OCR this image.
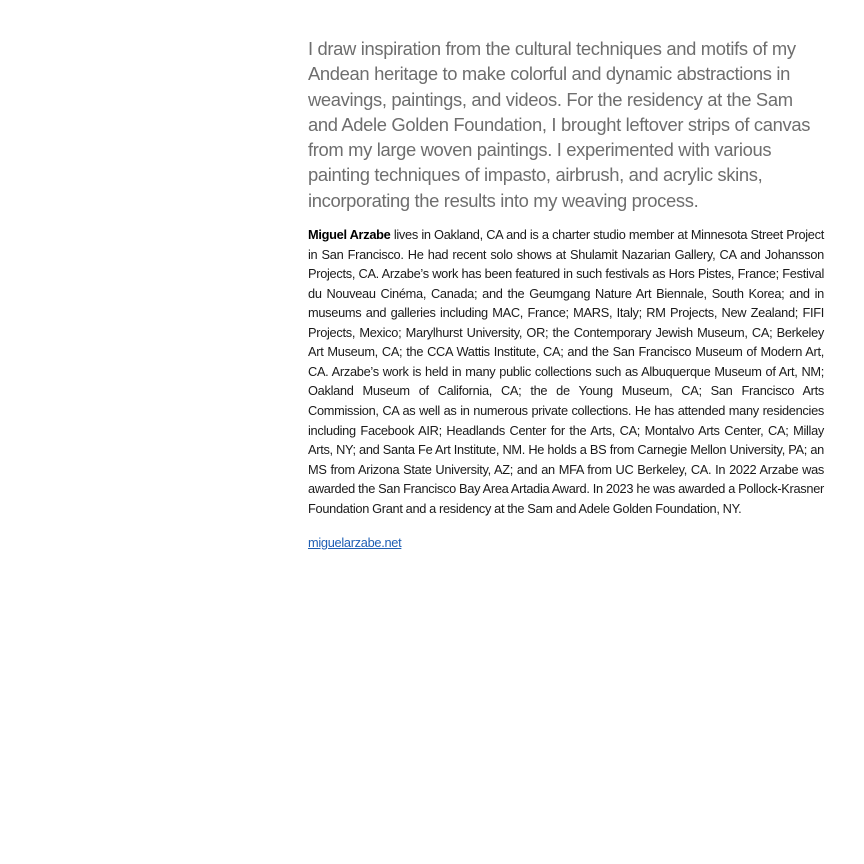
I draw inspiration from the cultural techniques and motifs of my Andean heritage to make colorful and dynamic abstractions in weavings, paintings, and videos. For the residency at the Sam and Adele Golden Foundation, I brought leftover strips of canvas from my large woven paintings. I experimented with various painting techniques of impasto, airbrush, and acrylic skins, incorporating the results into my weaving process.

Miguel Arzabe lives in Oakland, CA and is a charter studio member at Minnesota Street Project in San Francisco. He had recent solo shows at Shulamit Nazarian Gallery, CA and Johansson Projects, CA. Arzabe’s work has been featured in such festivals as Hors Pistes, France; Festival du Nouveau Cinéma, Canada; and the Geumgang Nature Art Biennale, South Korea; and in museums and galleries including MAC, France; MARS, Italy; RM Projects, New Zealand; FIFI Projects, Mexico; Marylhurst University, OR; the Contemporary Jewish Museum, CA; Berkeley Art Museum, CA; the CCA Wattis Institute, CA; and the San Francisco Museum of Modern Art, CA. Arzabe’s work is held in many public collections such as Albuquerque Museum of Art, NM; Oakland Museum of California, CA; the de Young Museum, CA; San Francisco Arts Commission, CA as well as in numerous private collections. He has attended many residencies including Facebook AIR; Headlands Center for the Arts, CA; Montalvo Arts Center, CA; Millay Arts, NY; and Santa Fe Art Institute, NM. He holds a BS from Carnegie Mellon University, PA; an MS from Arizona State University, AZ; and an MFA from UC Berkeley, CA. In 2022 Arzabe was awarded the San Francisco Bay Area Artadia Award. In 2023 he was awarded a Pollock-Krasner Foundation Grant and a residency at the Sam and Adele Golden Foundation, NY.

miguelarzabe.net
